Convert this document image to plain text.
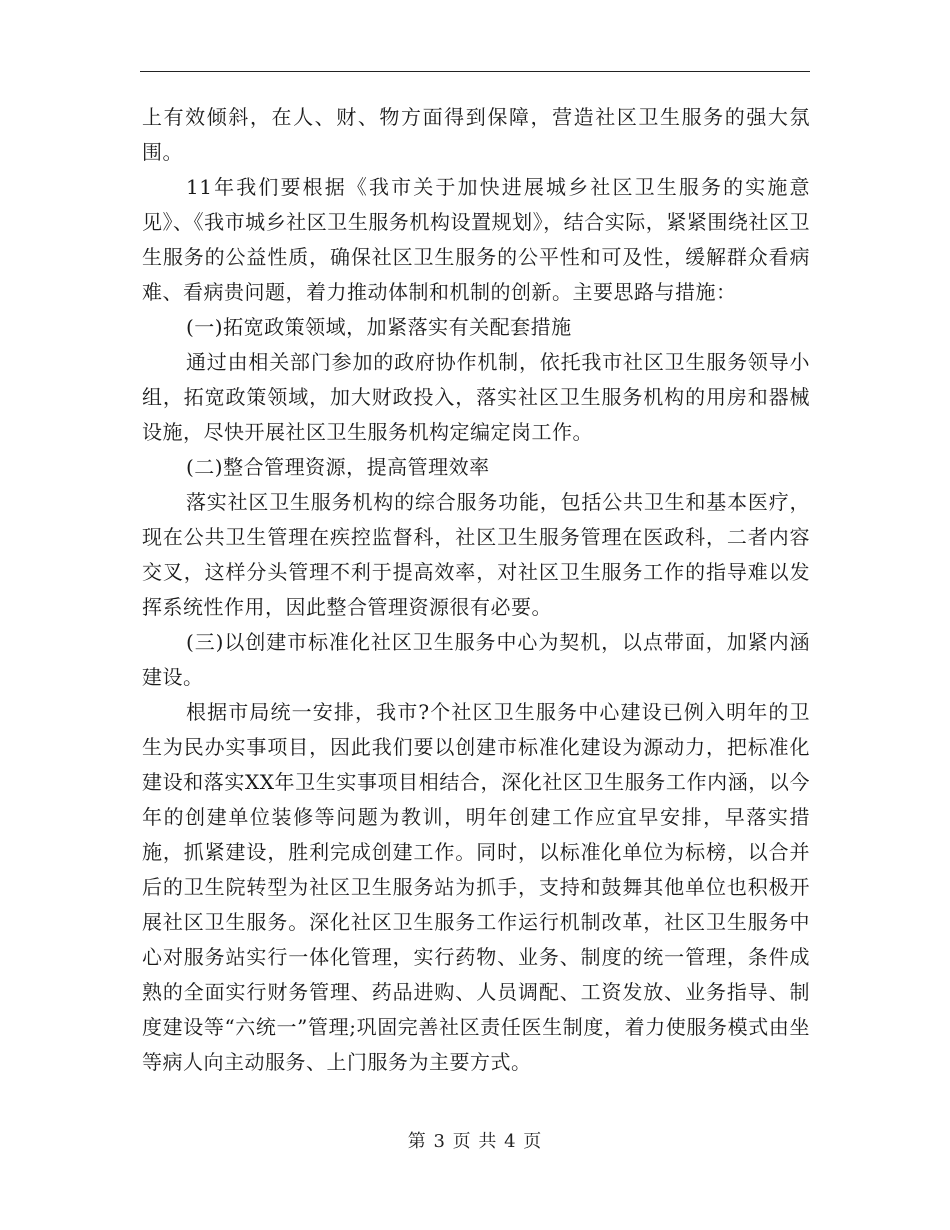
上有效倾斜，在人、财、物方面得到保障，营造社区卫生服务的强大氛围。

11年我们要根据《我市关于加快进展城乡社区卫生服务的实施意见》、《我市城乡社区卫生服务机构设置规划》，结合实际，紧紧围绕社区卫生服务的公益性质，确保社区卫生服务的公平性和可及性，缓解群众看病难、看病贵问题，着力推动体制和机制的创新。主要思路与措施：

(一)拓宽政策领域，加紧落实有关配套措施

通过由相关部门参加的政府协作机制，依托我市社区卫生服务领导小组，拓宽政策领域，加大财政投入，落实社区卫生服务机构的用房和器械设施，尽快开展社区卫生服务机构定编定岗工作。

(二)整合管理资源，提高管理效率

落实社区卫生服务机构的综合服务功能，包括公共卫生和基本医疗，现在公共卫生管理在疾控监督科，社区卫生服务管理在医政科，二者内容交叉，这样分头管理不利于提高效率，对社区卫生服务工作的指导难以发挥系统性作用，因此整合管理资源很有必要。

(三)以创建市标准化社区卫生服务中心为契机，以点带面，加紧内涵建设。

根据市局统一安排，我市?个社区卫生服务中心建设已例入明年的卫生为民办实事项目，因此我们要以创建市标准化建设为源动力，把标准化建设和落实XX年卫生实事项目相结合，深化社区卫生服务工作内涵，以今年的创建单位装修等问题为教训，明年创建工作应宜早安排，早落实措施，抓紧建设，胜利完成创建工作。同时，以标准化单位为标榜，以合并后的卫生院转型为社区卫生服务站为抓手，支持和鼓舞其他单位也积极开展社区卫生服务。深化社区卫生服务工作运行机制改革，社区卫生服务中心对服务站实行一体化管理，实行药物、业务、制度的统一管理，条件成熟的全面实行财务管理、药品进购、人员调配、工资发放、业务指导、制度建设等“六统一”管理;巩固完善社区责任医生制度，着力使服务模式由坐等病人向主动服务、上门服务为主要方式。

第 3 页 共 4 页
